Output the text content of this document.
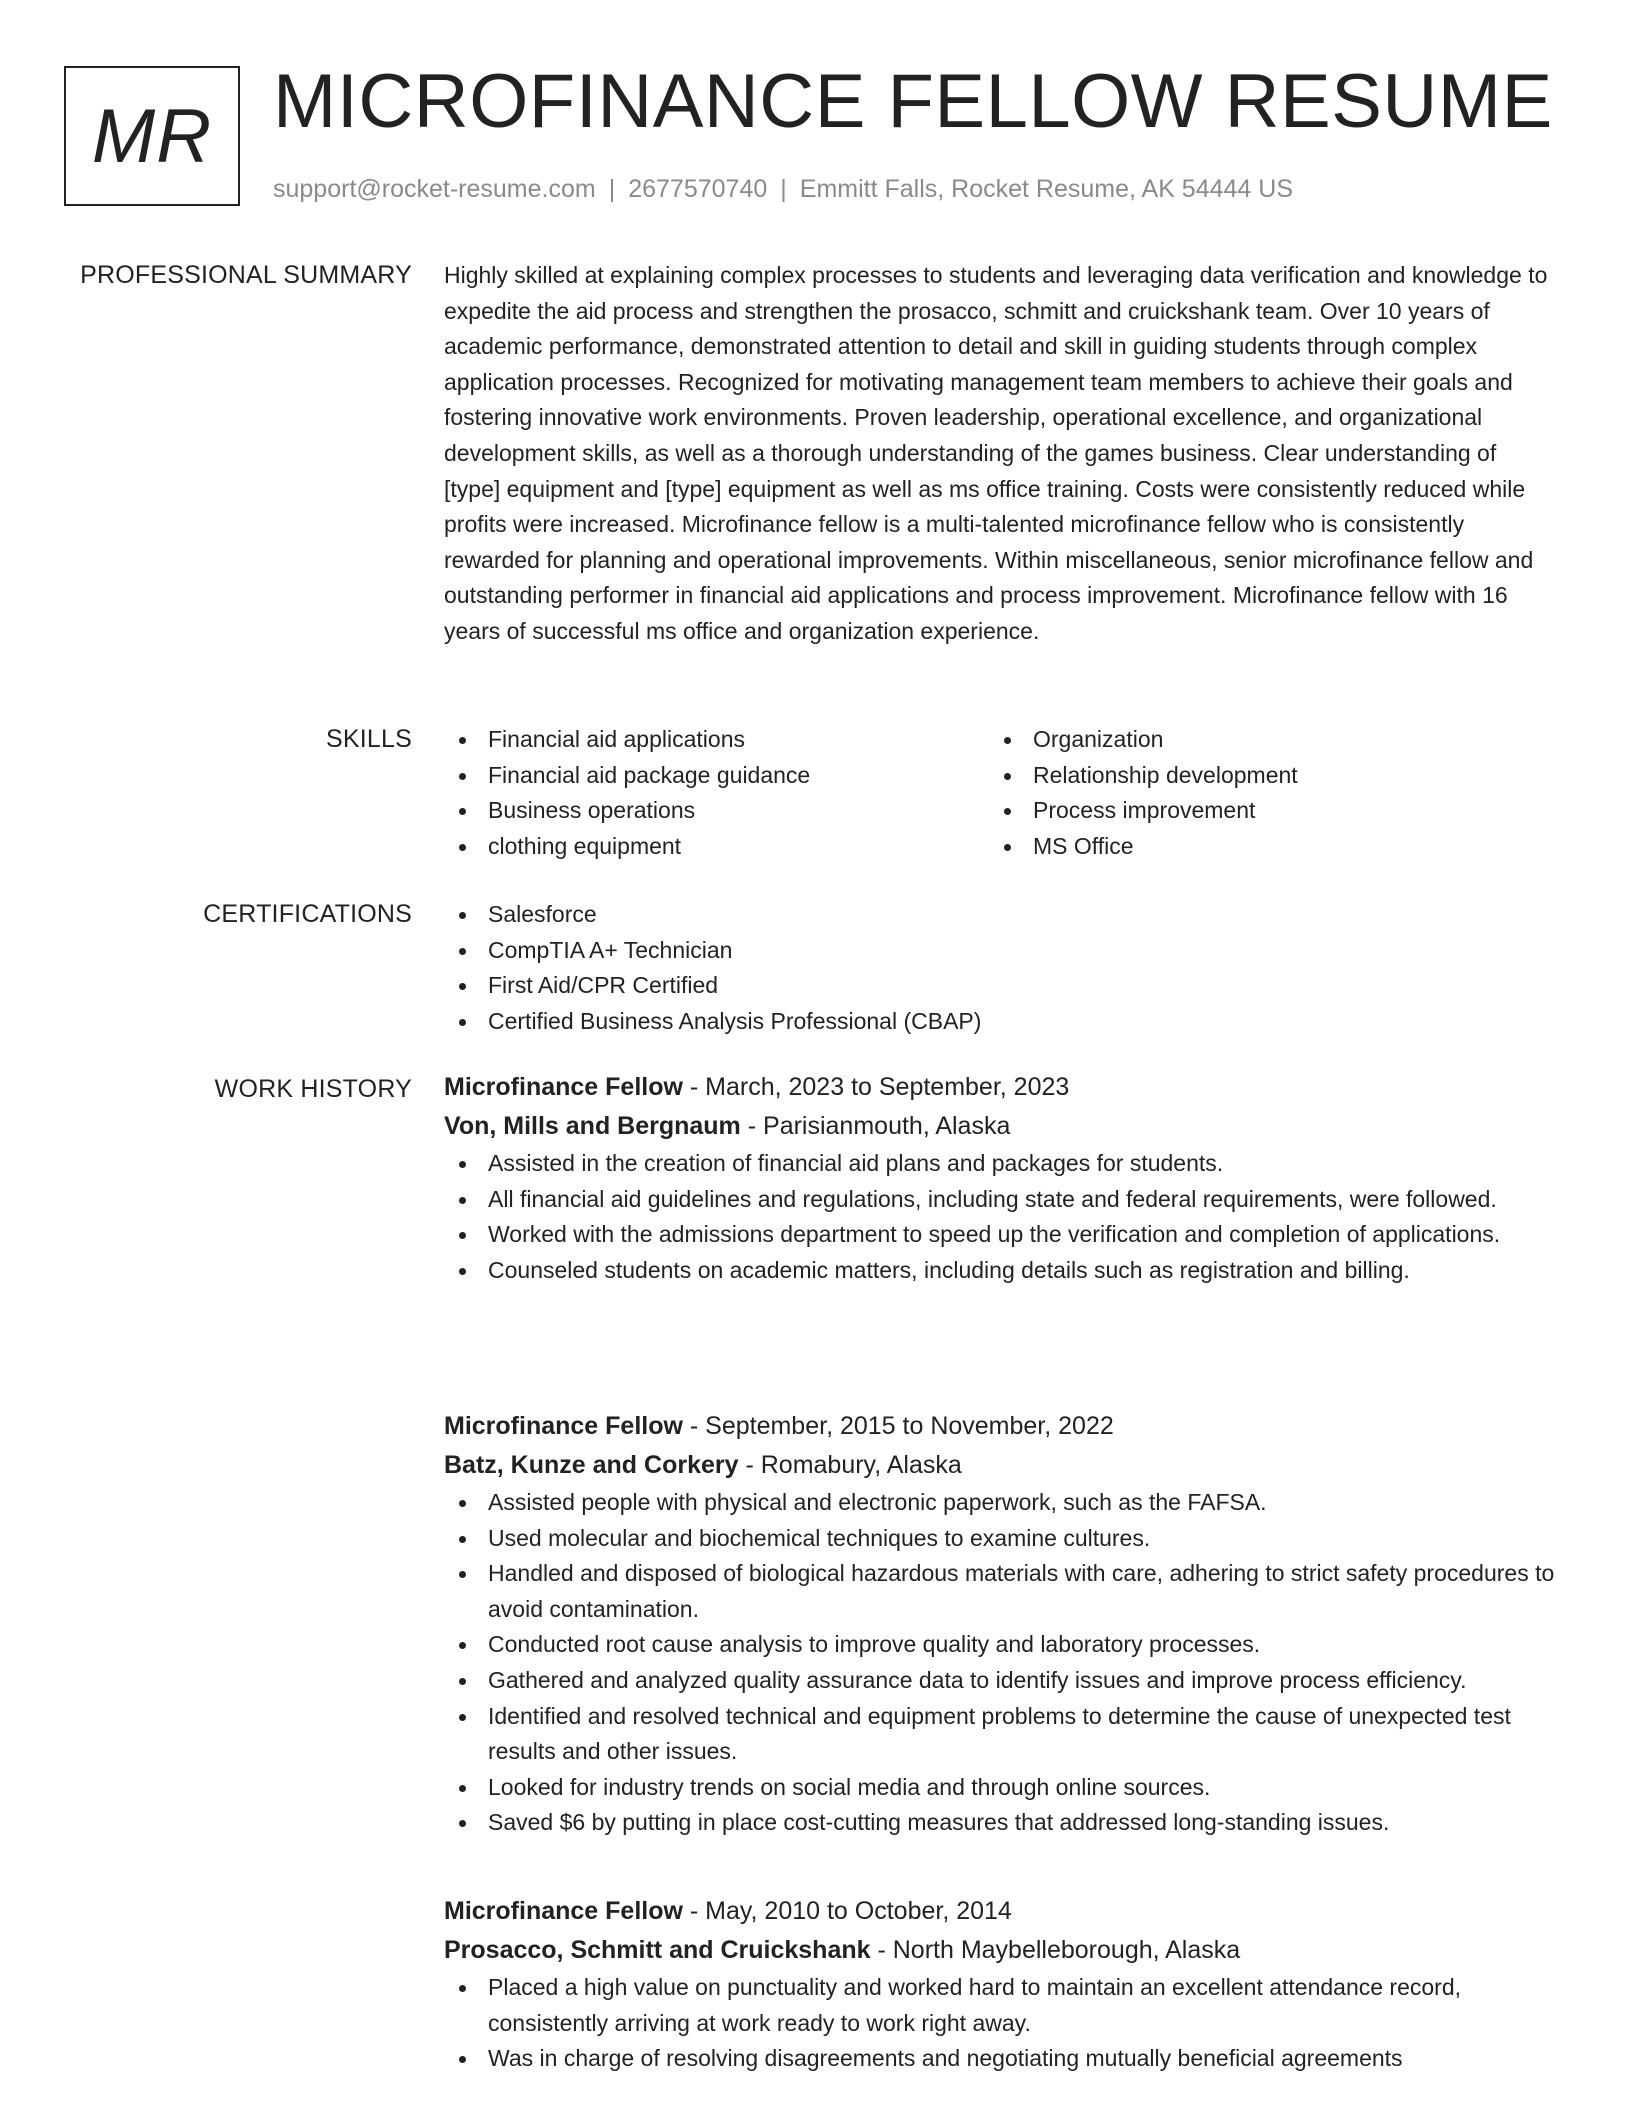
MR MICROFINANCE FELLOW RESUME
support@rocket-resume.com | 2677570740 | Emmitt Falls, Rocket Resume, AK 54444 US
PROFESSIONAL SUMMARY Highly skilled at explaining complex processes to students and leveraging data verification and knowledge to expedite the aid process and strengthen the prosacco, schmitt and cruickshank team. Over 10 years of academic performance, demonstrated attention to detail and skill in guiding students through complex application processes. Recognized for motivating management team members to achieve their goals and fostering innovative work environments. Proven leadership, operational excellence, and organizational development skills, as well as a thorough understanding of the games business. Clear understanding of [type] equipment and [type] equipment as well as ms office training. Costs were consistently reduced while profits were increased. Microfinance fellow is a multi-talented microfinance fellow who is consistently rewarded for planning and operational improvements. Within miscellaneous, senior microfinance fellow and outstanding performer in financial aid applications and process improvement. Microfinance fellow with 16 years of successful ms office and organization experience.

SKILLS	Financial aid applications
Financial aid package guidance
Business operations
clothing equipment
Organization
Relationship development
Process improvement
MS Office
CERTIFICATIONS	Salesforce
CompTIA A+ Technician
First Aid/CPR Certified
Certified Business Analysis Professional (CBAP)
WORK HISTORY Microfinance Fellow - March, 2023 to September, 2023
Von, Mills and Bergnaum - Parisianmouth, Alaska
Assisted in the creation of financial aid plans and packages for students.
All financial aid guidelines and regulations, including state and federal requirements, were followed.
Worked with the admissions department to speed up the verification and completion of applications.
Counseled students on academic matters, including details such as registration and billing.
Microfinance Fellow - September, 2015 to November, 2022
Batz, Kunze and Corkery - Romabury, Alaska
Assisted people with physical and electronic paperwork, such as the FAFSA.
Used molecular and biochemical techniques to examine cultures.
Handled and disposed of biological hazardous materials with care, adhering to strict safety procedures to avoid contamination.
Conducted root cause analysis to improve quality and laboratory processes.
Gathered and analyzed quality assurance data to identify issues and improve process efficiency.
Identified and resolved technical and equipment problems to determine the cause of unexpected test results and other issues.
Looked for industry trends on social media and through online sources.
Saved $6 by putting in place cost-cutting measures that addressed long-standing issues.
Microfinance Fellow - May, 2010 to October, 2014
Prosacco, Schmitt and Cruickshank - North Maybelleborough, Alaska
Placed a high value on punctuality and worked hard to maintain an excellent attendance record, consistently arriving at work ready to work right away.
Was in charge of resolving disagreements and negotiating mutually beneficial agreements
